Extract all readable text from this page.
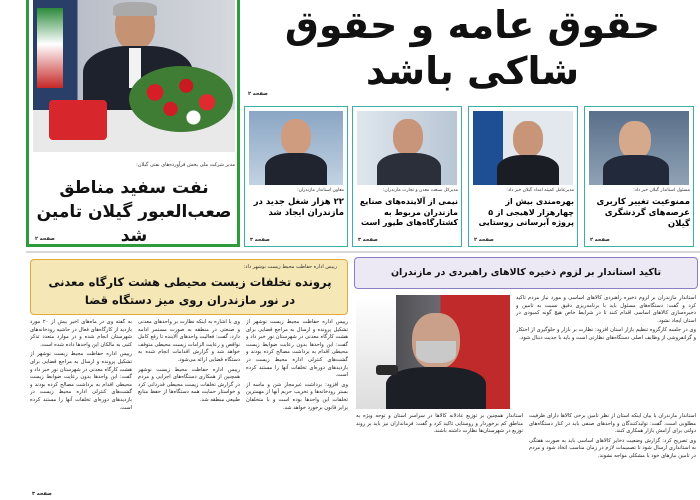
حقوق عامه و حقوق
شاکی باشد
صفحه ۲
مدیر شرکت ملی پخش فرآورده‌های نفتی گیلان:
نفت سفید مناطق صعب‌العبور گیلان تامین شد
صفحه ۲
مسئول استاندار گیلان خبر داد:
ممنوعیت تغییر کاربری عرصه‌های گردشگری گیلان
صفحه ۲
مدیرعامل کمیته امداد گیلان خبر داد:
بهره‌مندی بیش از چهارهزار لاهیجی از ۵ پروژه آبرسانی روستایی
صفحه ۲
مدیرکل صنعت معدن و تجارت مازندران:
نیمی از آلاینده‌های صنایع مازندران مربوط به کشتارگاه‌های طیور است
صفحه ۳
معاون استاندار مازندران:
۲۲ هزار شغل جدید در مازندران ایجاد شد
صفحه ۳
رییس اداره حفاظت محیط زیست نوشهر داد:
پرونده تخلفات زیست محیطی هشت کارگاه معدنی
در نور مازندران روی میز دستگاه قضا

رییس اداره حفاظت محیط زیست نوشهر از تشکیل پرونده و ارسال به مراجع قضایی برای هشت کارگاه معدنی در شهرستان نور خبر داد و گفت: این واحدها بدون رعایت ضوابط زیست محیطی اقدام به برداشت مصالح کرده بودند و گشت‌های کنترلی اداره محیط زیست در بازدیدهای دوره‌ای تخلفات آنها را مستند کرده است.

وی افزود: برداشت غیرمجاز شن و ماسه از بستر رودخانه‌ها و تخریب حریم آنها از مهمترین تخلفات این واحدها بوده است و با متخلفان برابر قانون برخورد خواهد شد.

وی با اشاره به اینکه نظارت بر واحدهای معدنی و صنعتی در منطقه به صورت مستمر ادامه دارد، گفت: فعالیت واحدهای آلاینده تا رفع کامل نواقص و رعایت الزامات زیست محیطی متوقف خواهد شد و گزارش اقدامات انجام شده به دستگاه قضایی ارائه می‌شود.

رییس اداره حفاظت محیط زیست نوشهر همچنین از همکاری دستگاه‌های اجرایی و مردم در گزارش تخلفات زیست محیطی قدردانی کرد و خواستار حمایت همه دستگاه‌ها از حفظ منابع طبیعی منطقه شد.

به گفته وی در ماه‌های اخیر بیش از ۲۰ مورد بازدید از کارگاه‌های فعال در حاشیه رودخانه‌های شهرستان انجام شده و در موارد متعدد تذکر کتبی به مالکان این واحدها داده شده است.

رییس اداره حفاظت محیط زیست نوشهر از تشکیل پرونده و ارسال به مراجع قضایی برای هشت کارگاه معدنی در شهرستان نور خبر داد و گفت: این واحدها بدون رعایت ضوابط زیست محیطی اقدام به برداشت مصالح کرده بودند و گشت‌های کنترلی اداره محیط زیست در بازدیدهای دوره‌ای تخلفات آنها را مستند کرده است.

صفحه ۳
تاکید استاندار بر لزوم ذخیره کالاهای راهبردی در مازندران

استاندار مازندران بر لزوم ذخیره راهبردی کالاهای اساسی و مورد نیاز مردم تاکید کرد و گفت: دستگاه‌های مسئول باید با برنامه‌ریزی دقیق نسبت به تامین و ذخیره‌سازی کالاهای اساسی اقدام کنند تا در شرایط خاص هیچ گونه کمبودی در استان ایجاد نشود.

وی در جلسه کارگروه تنظیم بازار استان افزود: نظارت بر بازار و جلوگیری از احتکار و گرانفروشی از وظایف اصلی دستگاه‌های نظارتی است و باید با جدیت دنبال شود.

استاندار مازندران با بیان اینکه استان از نظر تامین برخی کالاها دارای ظرفیت مطلوبی است، گفت: تولیدکنندگان و واحدهای صنفی باید در کنار دستگاه‌های دولتی برای آرامش بازار همکاری کنند.

وی تصریح کرد: گزارش وضعیت ذخایر کالاهای اساسی باید به صورت هفتگی به استانداری ارسال شود تا تصمیمات لازم در زمان مناسب اتخاذ شود و مردم در تامین نیازهای خود با مشکلی مواجه نشوند.

استاندار همچنین بر توزیع عادلانه کالاها در سراسر استان و توجه ویژه به مناطق کم برخوردار و روستایی تاکید کرد و گفت: فرمانداران نیز باید بر روند توزیع در شهرستان‌ها نظارت داشته باشند.
